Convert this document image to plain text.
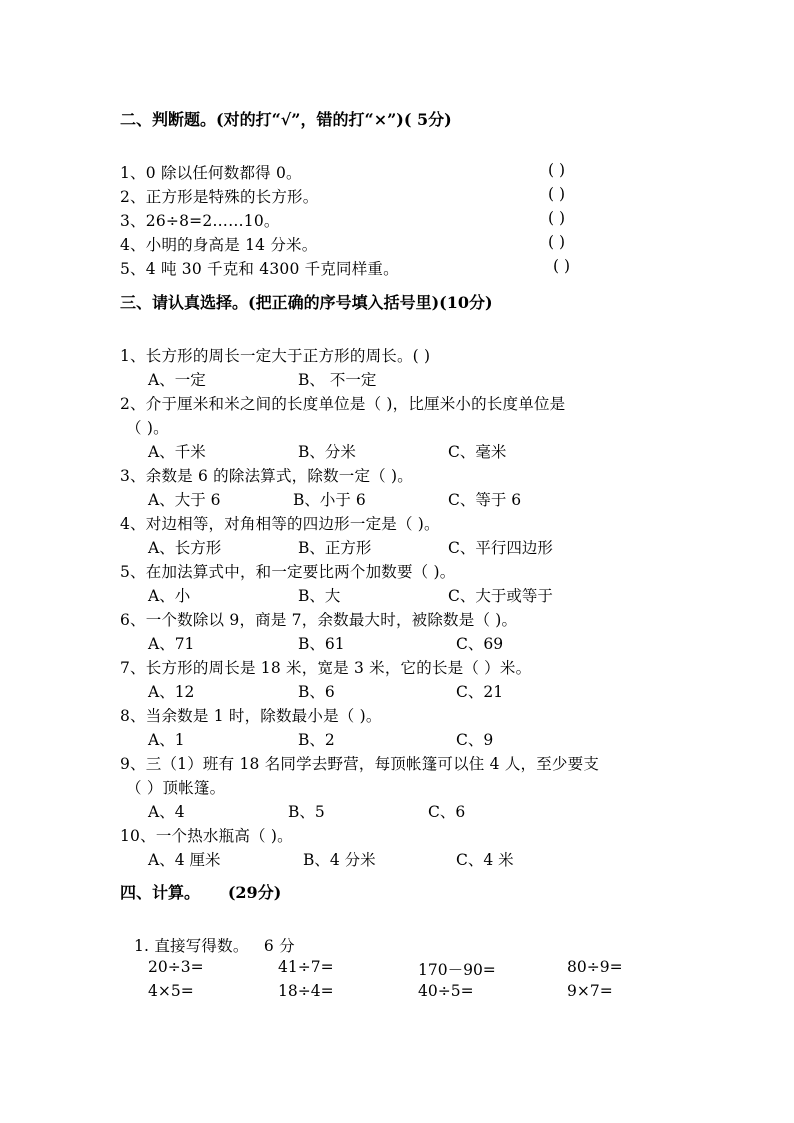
二、判断题。(对的打“√”，错的打“×”)( 5分)
1、0 除以任何数都得 0。	( )
2、正方形是特殊的长方形。	( )
3、26÷8=2……10。	( )
4、小明的身高是 14 分米。	( )
5、4 吨 30 千克和 4300 千克同样重。	( )
三、请认真选择。(把正确的序号填入括号里)(10分)
1、长方形的周长一定大于正方形的周长。( )
A、一定	B、 不一定
2、介于厘米和米之间的长度单位是（ )，比厘米小的长度单位是
（ )。
A、千米	B、分米	C、毫米
3、余数是 6 的除法算式，除数一定（ )。
A、大于 6	B、小于 6	C、等于 6
4、对边相等，对角相等的四边形一定是（ )。
A、长方形	B、正方形	C、平行四边形
5、在加法算式中，和一定要比两个加数要（ )。
A、小	B、大	C、大于或等于
6、一个数除以 9，商是 7，余数最大时，被除数是（ )。
A、71	B、61	C、69
7、长方形的周长是 18 米，宽是 3 米，它的长是（ ）米。
A、12	B、6	C、21
8、当余数是 1 时，除数最小是（ )。
A、1	B、2	C、9
9、三（1）班有 18 名同学去野营，每顶帐篷可以住 4 人，至少要支
（ ）顶帐篷。
A、4	B、5	C、6
10、一个热水瓶高（ )。
A、4 厘米	B、4 分米	C、4 米
四、计算。     (29分)
1. 直接写得数。   6 分
20÷3=	41÷7=	170－90=	80÷9=
4×5=	18÷4=	40÷5=	9×7=
